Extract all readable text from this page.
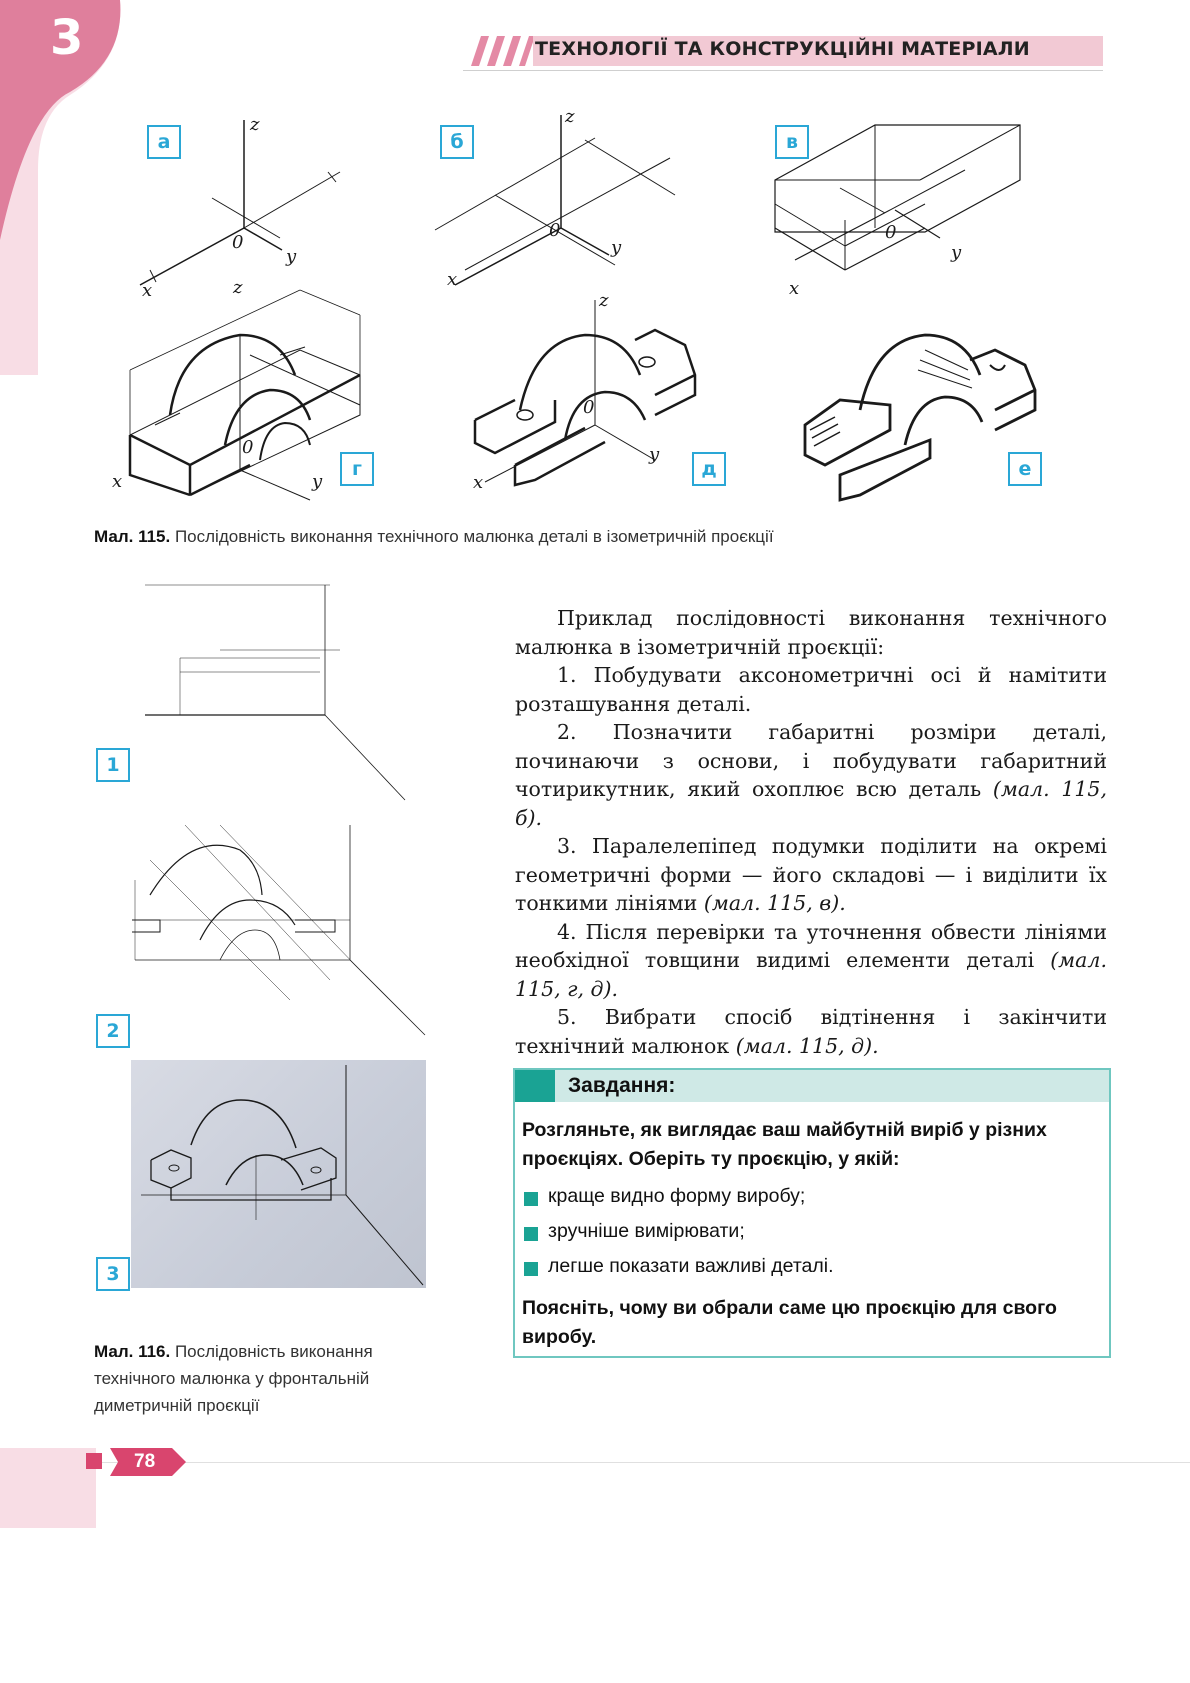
3	ТЕХНОЛОГІЇ ТА КОНСТРУКЦІЙНІ МАТЕРІАЛИ
z
0
y
x
z
0
y
x
0
y
x
z
0
y
x
z
0
y
x
а	б	в
г	д	е
Мал. 115. Послідовність виконання технічного малюнка деталі в ізометричній проєкції
1
2
3
Мал. 116. Послідовність виконання
технічного малюнка у фронтальній
диметричній проєкції

Приклад послідовності виконання технічного малюнка в ізометричній проєкції:

1. Побудувати аксонометричні осі й намітити розташування деталі.

2. Позначити габаритні розміри деталі, починаючи з основи, і побудувати габаритний чотирикутник, який охоплює всю деталь (мал. 115, б).

3. Паралелепіпед подумки поділити на окремі геометричні форми — його складові — і виділити їх тонкими лініями (мал. 115, в).

4. Після перевірки та уточнення обвести лініями необхідної товщини видимі елементи деталі (мал. 115, г, д).

5. Вибрати спосіб відтінення і закінчити технічний малюнок (мал. 115, д).

Завдання:
Розгляньте, як виглядає ваш майбутній виріб у різних проєкціях. Оберіть ту проєкцію, у якій:
краще видно форму виробу;
зручніше вимірювати;
легше показати важливі деталі.
Поясніть, чому ви обрали саме цю проєкцію для свого виробу.
78
